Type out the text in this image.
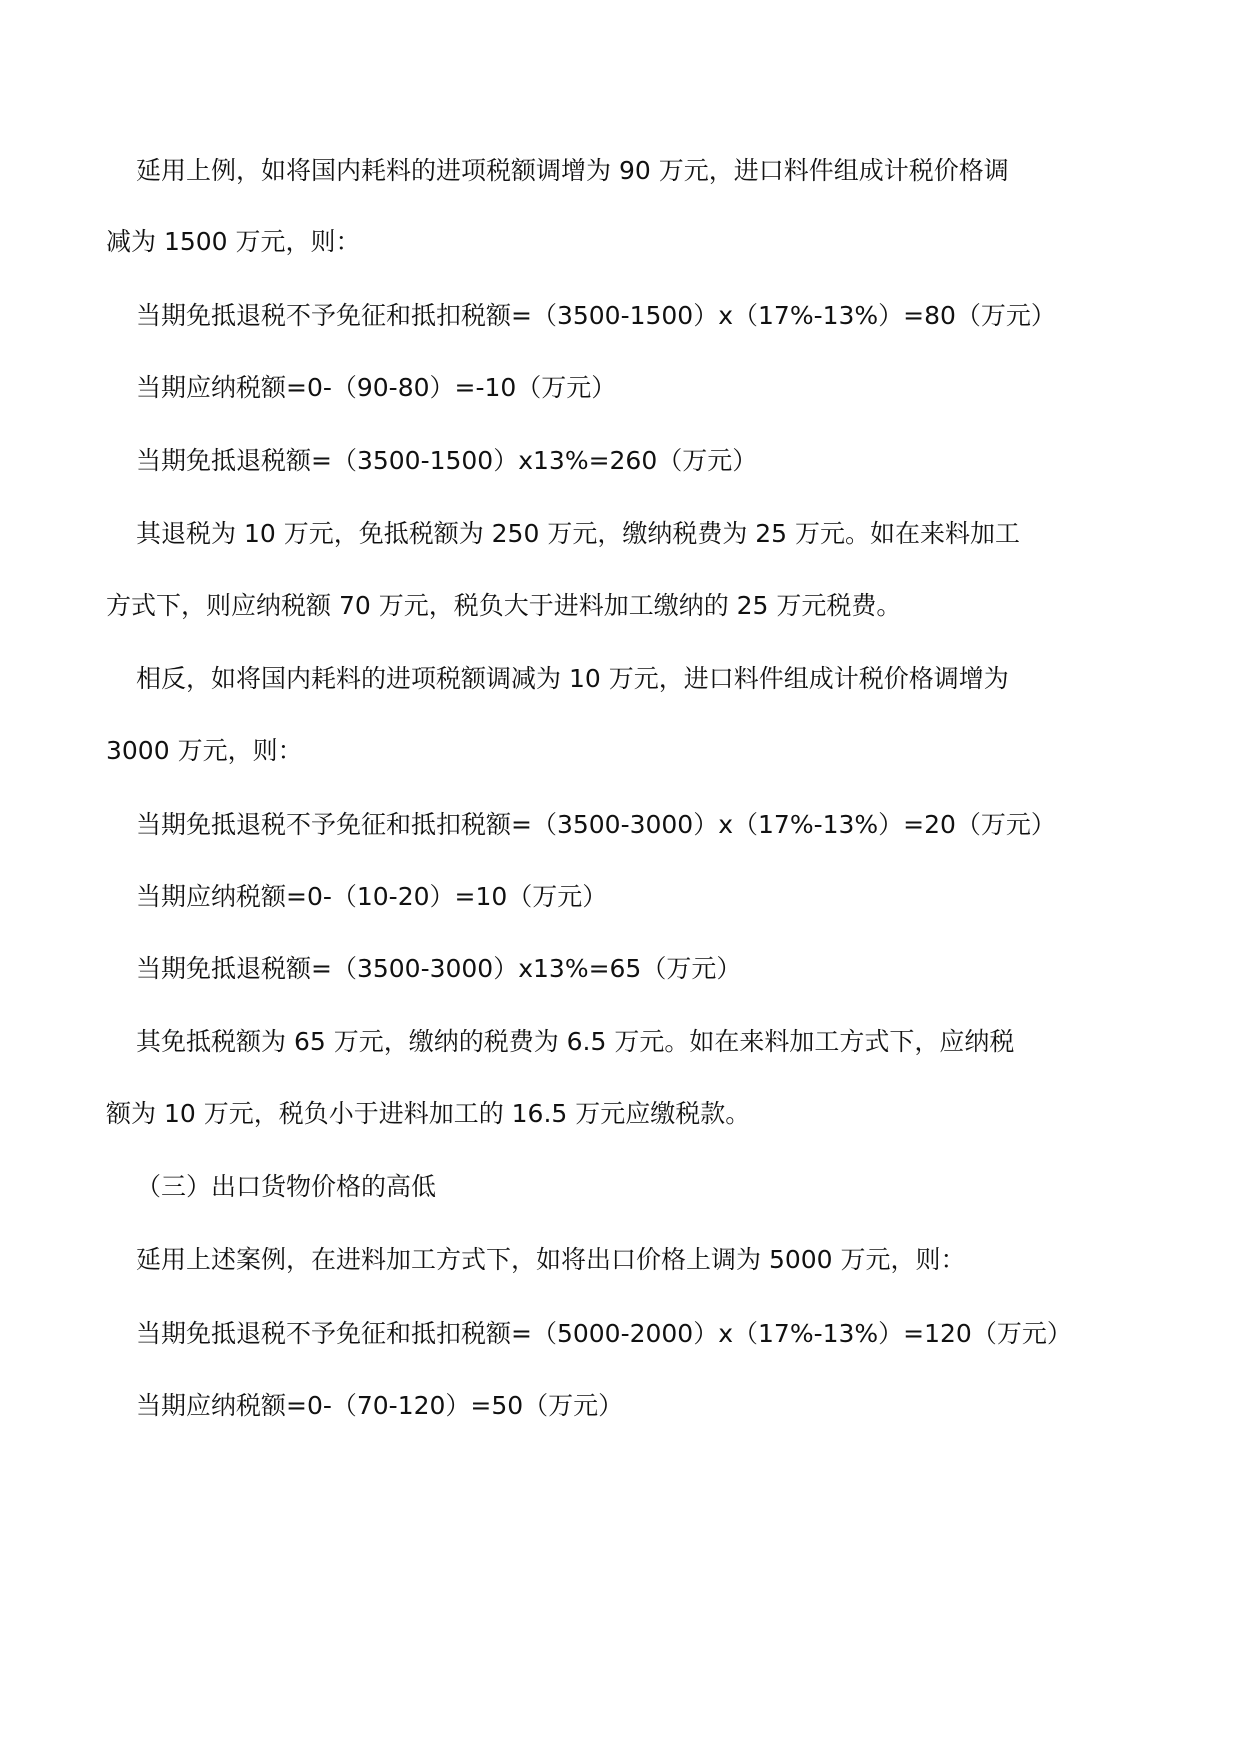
延用上例，如将国内耗料的进项税额调增为 90 万元，进口料件组成计税价格调
减为 1500 万元，则：
当期免抵退税不予免征和抵扣税额=（3500-1500）x（17%-13%）=80（万元）
当期应纳税额=0-（90-80）=-10（万元）
当期免抵退税额=（3500-1500）x13%=260（万元）
其退税为 10 万元，免抵税额为 250 万元，缴纳税费为 25 万元。如在来料加工
方式下，则应纳税额 70 万元，税负大于进料加工缴纳的 25 万元税费。
相反，如将国内耗料的进项税额调减为 10 万元，进口料件组成计税价格调增为
3000 万元，则：
当期免抵退税不予免征和抵扣税额=（3500-3000）x（17%-13%）=20（万元）
当期应纳税额=0-（10-20）=10（万元）
当期免抵退税额=（3500-3000）x13%=65（万元）
其免抵税额为 65 万元，缴纳的税费为 6.5 万元。如在来料加工方式下，应纳税
额为 10 万元，税负小于进料加工的 16.5 万元应缴税款。
（三）出口货物价格的高低
延用上述案例，在进料加工方式下，如将出口价格上调为 5000 万元，则：
当期免抵退税不予免征和抵扣税额=（5000-2000）x（17%-13%）=120（万元）
当期应纳税额=0-（70-120）=50（万元）
